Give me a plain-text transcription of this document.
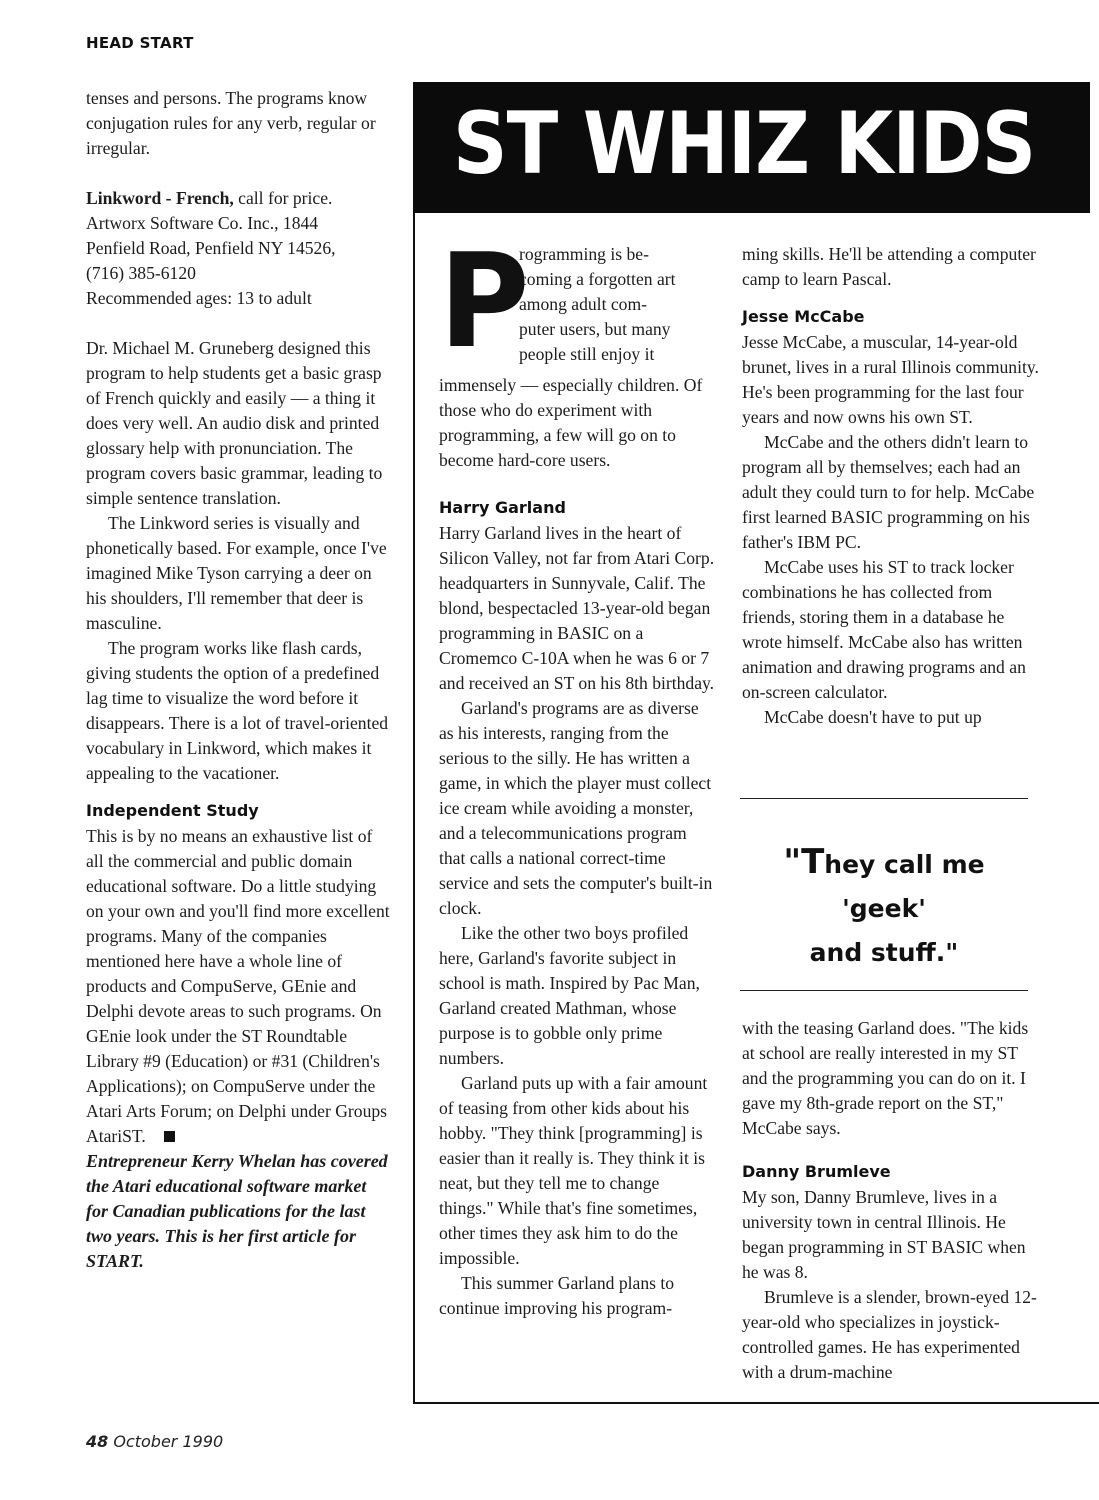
HEAD START

tenses and persons. The programs know conjugation rules for any verb, regular or irregular.

Linkword - French, call for price.
Artworx Software Co. Inc., 1844
Penfield Road, Penfield NY 14526,
(716) 385-6120
Recommended ages: 13 to adult

Dr. Michael M. Gruneberg designed this program to help students get a basic grasp of French quickly and easily — a thing it does very well. An audio disk and printed glossary help with pronunciation. The program covers basic grammar, leading to simple sentence translation.

The Linkword series is visually and phonetically based. For example, once I've imagined Mike Tyson carrying a deer on his shoulders, I'll remember that deer is masculine.

The program works like flash cards, giving students the option of a predefined lag time to visualize the word before it disappears. There is a lot of travel-oriented vocabulary in Linkword, which makes it appealing to the vacationer.

Independent Study

This is by no means an exhaustive list of all the commercial and public domain educational software. Do a little studying on your own and you'll find more excellent programs. Many of the companies mentioned here have a whole line of products and CompuServe, GEnie and Delphi devote areas to such programs. On GEnie look under the ST Roundtable Library #9 (Education) or #31 (Children's Applications); on CompuServe under the Atari Arts Forum; on Delphi under Groups AtariST.

Entrepreneur Kerry Whelan has covered the Atari educational software market for Canadian publications for the last two years. This is her first article for START.

ST WHIZ KIDS
P

rogramming is be-

coming a forgotten art

among adult com-

puter users, but many

people still enjoy it

immensely — especially children. Of those who do experiment with programming, a few will go on to become hard-core users.

Harry Garland

Harry Garland lives in the heart of Silicon Valley, not far from Atari Corp. headquarters in Sunnyvale, Calif. The blond, bespectacled 13-year-old began programming in BASIC on a Cromemco C-10A when he was 6 or 7 and received an ST on his 8th birthday.

Garland's programs are as diverse as his interests, ranging from the serious to the silly. He has written a game, in which the player must collect ice cream while avoiding a monster, and a telecommunications program that calls a national correct-time service and sets the computer's built-in clock.

Like the other two boys profiled here, Garland's favorite subject in school is math. Inspired by Pac Man, Garland created Mathman, whose purpose is to gobble only prime numbers.

Garland puts up with a fair amount of teasing from other kids about his hobby. "They think [programming] is easier than it really is. They think it is neat, but they tell me to change things." While that's fine sometimes, other times they ask him to do the impossible.

This summer Garland plans to continue improving his program-

ming skills. He'll be attending a computer camp to learn Pascal.

Jesse McCabe

Jesse McCabe, a muscular, 14-year-old brunet, lives in a rural Illinois community. He's been programming for the last four years and now owns his own ST.

McCabe and the others didn't learn to program all by themselves; each had an adult they could turn to for help. McCabe first learned BASIC programming on his father's IBM PC.

McCabe uses his ST to track locker combinations he has collected from friends, storing them in a database he wrote himself. McCabe also has written animation and drawing programs and an on-screen calculator.

McCabe doesn't have to put up

"They call me 'geek'
and stuff."

with the teasing Garland does. "The kids at school are really interested in my ST and the programming you can do on it. I gave my 8th-grade report on the ST," McCabe says.

Danny Brumleve

My son, Danny Brumleve, lives in a university town in central Illinois. He began programming in ST BASIC when he was 8.

Brumleve is a slender, brown-eyed 12-year-old who specializes in joystick-controlled games. He has experimented with a drum-machine

48 October 1990
